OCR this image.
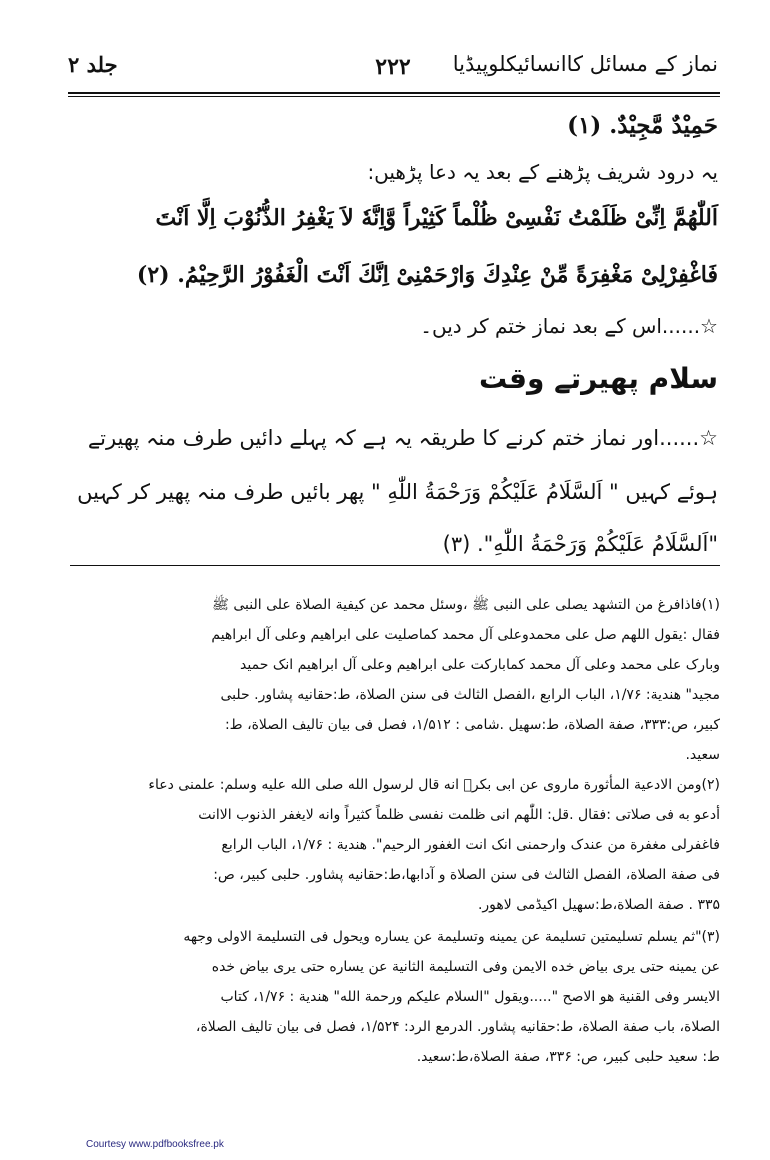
نماز کے مسائل کاانسائیکلوپیڈیا
۲۲۲
جلد ۲
حَمِيْدٌ مَّجِيْدٌ. (۱)
یہ درود شریف پڑھنے کے بعد یہ دعا پڑھیں:
اَللّٰهُمَّ اِنِّیْ ظَلَمْتُ نَفْسِیْ ظُلْماً كَثِیْراً وَّاِنَّهٗ لاَ یَغْفِرُ الذُّنُوْبَ اِلَّا اَنْتَ
فَاغْفِرْلِیْ مَغْفِرَةً مِّنْ عِنْدِكَ وَارْحَمْنِیْ اِنَّكَ اَنْتَ الْغَفُوْرُ الرَّحِیْمُ. (۲)
☆......اس کے بعد نماز ختم کر دیں۔
سلام پھیرتے وقت
☆......اور نماز ختم کرنے کا طریقہ یہ ہے کہ پہلے دائیں طرف منہ پھیرتے
ہوئے کہیں " اَلسَّلَامُ عَلَیْكُمْ وَرَحْمَةُ اللّٰهِ " پھر بائیں طرف منہ پھیر کر کہیں
"اَلسَّلَامُ عَلَیْكُمْ وَرَحْمَةُ اللّٰهِ". (۳)
(۱)فاذافرغ من التشهد یصلی علی النبی ﷺ ،وسئل محمد عن کیفیة الصلاة علی النبی ﷺ
فقال :یقول اللهم صل علی محمدوعلی آل محمد کماصلیت علی ابراهیم وعلی آل ابراهیم
وبارک علی محمد وعلی آل محمد کمابارکت علی ابراهیم وعلی آل ابراهیم انک حمید
مجید" هندیة: ۱/۷۶، الباب الرابع ،الفصل الثالث فی سنن الصلاة، ط:حقانیه پشاور. حلبی
کبیر، ص:۳۳۳، صفة الصلاة، ط:سهیل .شامی : ۱/۵۱۲، فصل فی بیان تالیف الصلاة، ط:
سعید.
(۲)ومن الادعیة المأثورة ماروی عن ابی بکرؓ انه قال لرسول الله صلی الله علیه وسلم: علمنی دعاء
أدعو به فی صلاتی :فقال .قل: اللّٰهم انی ظلمت نفسی ظلماً کثیراً وانه لایغفر الذنوب الاانت
فاغفرلی مغفرة من عندک وارحمنی انک انت الغفور الرحیم". هندیة : ۱/۷۶، الباب الرابع
فی صفة الصلاة، الفصل الثالث فی سنن الصلاة و آدابها،ط:حقانیه پشاور. حلبی کبیر، ص:
۳۳۵ . صفة الصلاة،ط:سهیل اکیڈمی لاهور.
(۳)"ثم یسلم تسلیمتین تسلیمة عن یمینه وتسلیمة عن یساره ویحول فی التسلیمة الاولی وجهه
عن یمینه حتی یری بیاض خده الایمن وفی التسلیمة الثانیة عن یساره حتی یری بیاض خده
الایسر وفی القنیة هو الاصح ".....ویقول "السلام علیکم ورحمة الله" هندیة : ۱/۷۶، کتاب
الصلاة، باب صفة الصلاة، ط:حقانیه پشاور. الدرمع الرد: ۱/۵۲۴، فصل فی بیان تالیف الصلاة،
ط: سعید حلبی کبیر، ص: ۳۳۶، صفة الصلاة،ط:سعید.
Courtesy www.pdfbooksfree.pk
